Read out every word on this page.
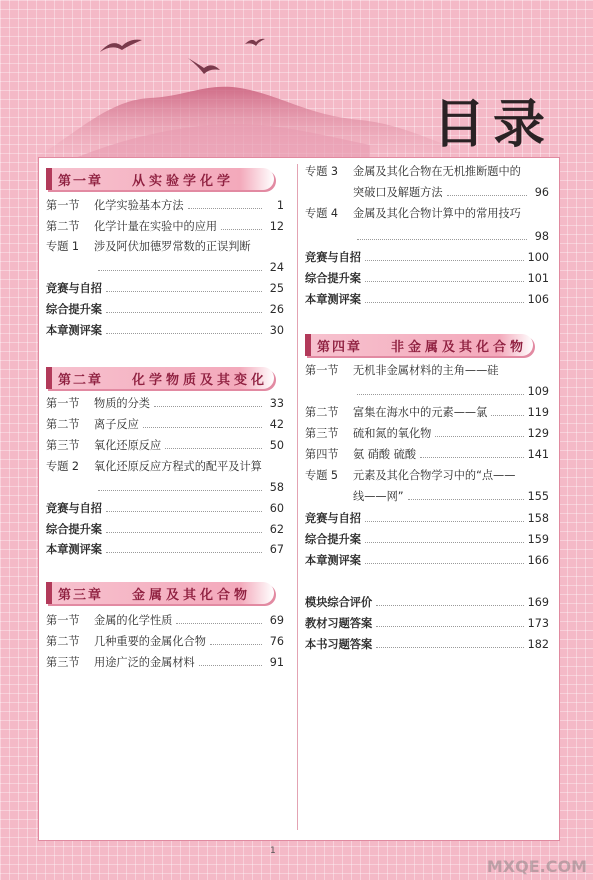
目录
第一章 从实验学化学
第一节	化学实验基本方法	1
第二节	化学计量在实验中的应用	12
专题 1	涉及阿伏加德罗常数的正误判断
24
竞赛与自招	25
综合提升案	26
本章测评案	30
第二章 化学物质及其变化
第一节	物质的分类	33
第二节	离子反应	42
第三节	氧化还原反应	50
专题 2	氧化还原反应方程式的配平及计算
58
竞赛与自招	60
综合提升案	62
本章测评案	67
第三章 金属及其化合物
第一节	金属的化学性质	69
第二节	几种重要的金属化合物	76
第三节	用途广泛的金属材料	91
专题 3	金属及其化合物在无机推断题中的
突破口及解题方法	96
专题 4	金属及其化合物计算中的常用技巧
98
竞赛与自招	100
综合提升案	101
本章测评案	106
第四章 非金属及其化合物
第一节	无机非金属材料的主角——硅
109
第二节	富集在海水中的元素——氯	119
第三节	硫和氮的氧化物	129
第四节	氨 硝酸 硫酸	141
专题 5	元素及其化合物学习中的“点——
线——网”	155
竞赛与自招	158
综合提升案	159
本章测评案	166
模块综合评价	169
教材习题答案	173
本书习题答案	182
1
MXQE.COM
